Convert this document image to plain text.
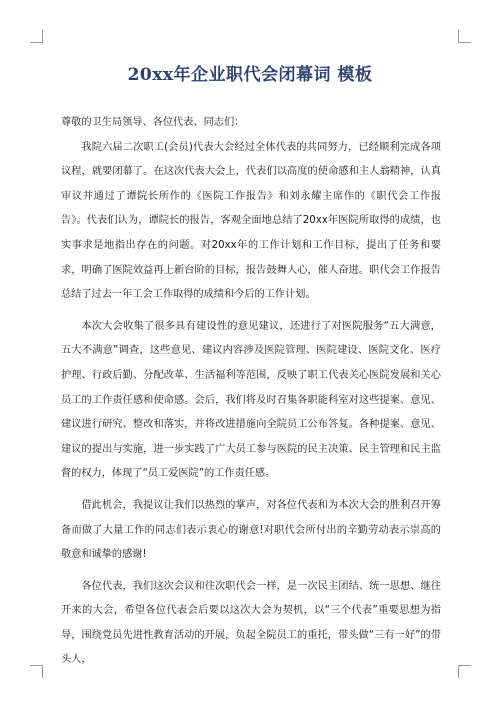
20xx年企业职代会闭幕词 模板

尊敬的卫生局领导、各位代表、同志们：

我院六届二次职工(会员)代表大会经过全体代表的共同努力，已经顺利完成各项议程，就要闭幕了。在这次代表大会上，代表们以高度的使命感和主人翁精神，认真审议并通过了谭院长所作的《医院工作报告》和刘永耀主席作的《职代会工作报告》。代表们认为，谭院长的报告，客观全面地总结了20xx年医院所取得的成绩，也实事求是地指出存在的问题。对20xx年的工作计划和工作目标，提出了任务和要求，明确了医院效益再上新台阶的目标，报告鼓舞人心，催人奋进。职代会工作报告总结了过去一年工会工作取得的成绩和今后的工作计划。

本次大会收集了很多具有建设性的意见建议，还进行了对医院服务“五大满意，五大不满意”调查，这些意见、建议内容涉及医院管理、医院建设、医院文化、医疗护理、行政后勤、分配改革、生活福利等范围，反映了职工代表关心医院发展和关心员工的工作责任感和使命感。会后，我们将及时召集各职能科室对这些提案、意见、建议进行研究、整改和落实，并将改进措施向全院员工公布答复。各种提案、意见、建议的提出与实施，进一步实践了广大员工参与医院的民主决策、民主管理和民主监督的权力，体现了“员工爱医院”的工作责任感。

借此机会，我提议让我们以热烈的掌声，对各位代表和为本次大会的胜利召开筹备而做了大量工作的同志们表示衷心的谢意!对职代会所付出的辛勤劳动表示崇高的敬意和诚挚的感谢!

各位代表，我们这次会议和往次职代会一样，是一次民主团结、统一思想、继往开来的大会，希望各位代表会后要以这次大会为契机，以“三个代表”重要思想为指导，围绕党员先进性教育活动的开展，负起全院员工的重托，带头做“三有一好”的带头人，
